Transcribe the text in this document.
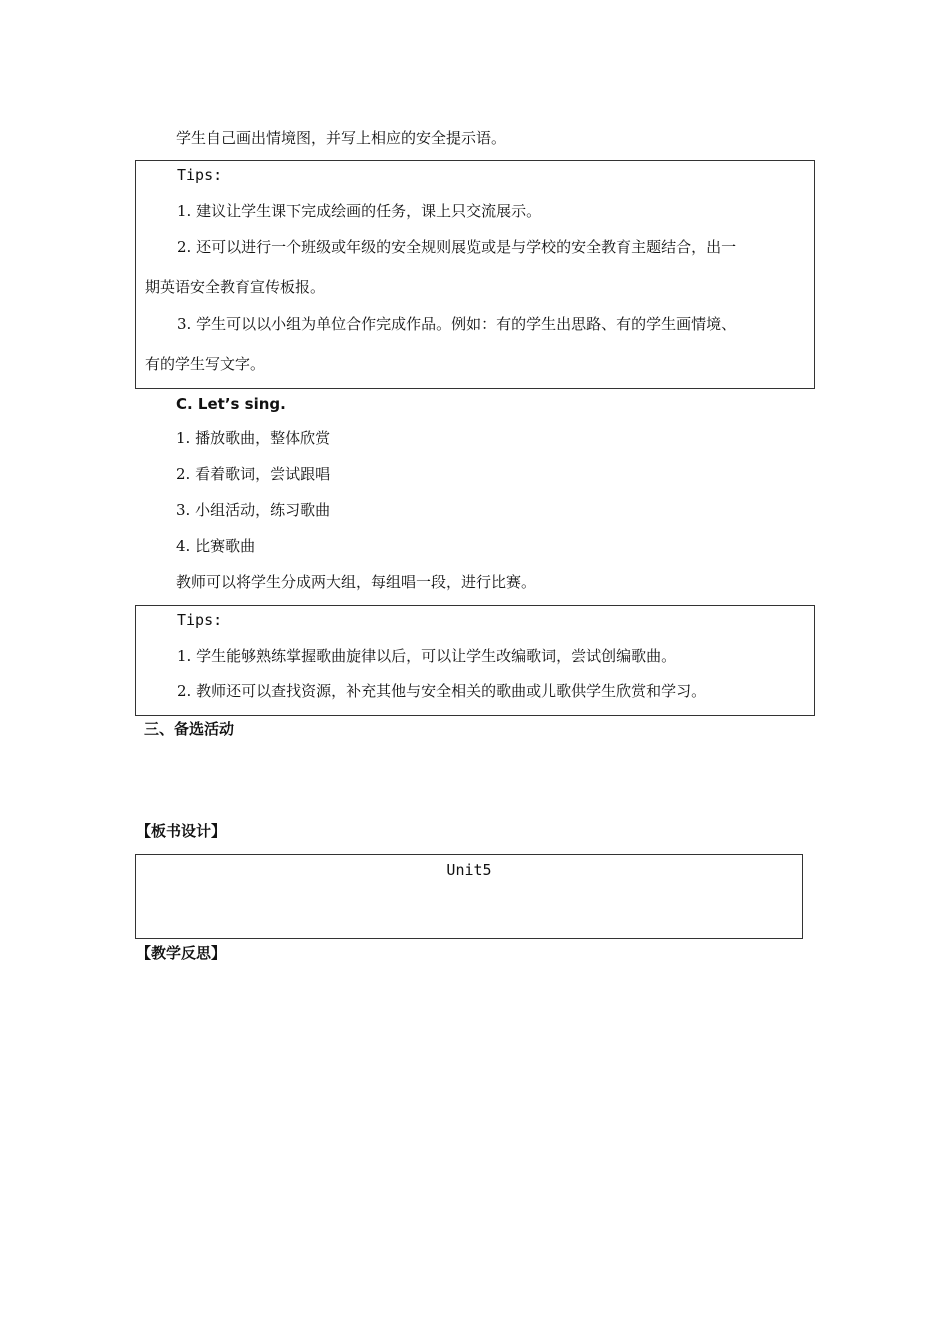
学生自己画出情境图，并写上相应的安全提示语。
Tips:
1. 建议让学生课下完成绘画的任务，课上只交流展示。
2. 还可以进行一个班级或年级的安全规则展览或是与学校的安全教育主题结合，出一
期英语安全教育宣传板报。
3. 学生可以以小组为单位合作完成作品。例如：有的学生出思路、有的学生画情境、
有的学生写文字。
C. Let’s sing.
1. 播放歌曲，整体欣赏
2. 看着歌词，尝试跟唱
3. 小组活动，练习歌曲
4. 比赛歌曲
教师可以将学生分成两大组，每组唱一段，进行比赛。
Tips:
1. 学生能够熟练掌握歌曲旋律以后，可以让学生改编歌词，尝试创编歌曲。
2. 教师还可以查找资源，补充其他与安全相关的歌曲或儿歌供学生欣赏和学习。
三、备选活动
【板书设计】
Unit5
【教学反思】
